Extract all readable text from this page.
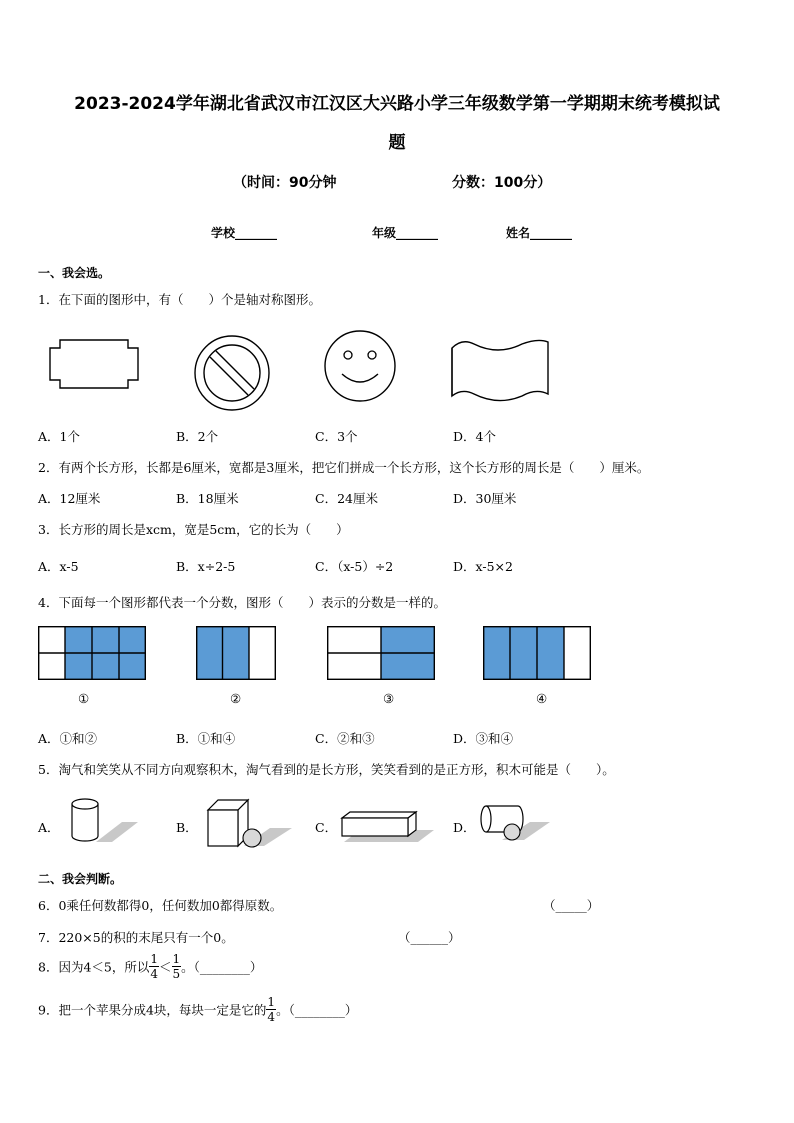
2023-2024学年湖北省武汉市江汉区大兴路小学三年级数学第一学期期末统考模拟试
题
（时间：90分钟	分数：100分）
学校_______	年级_______	姓名_______
一、我会选。
1．在下面的图形中，有（　　）个是轴对称图形。
A．1个	B．2个	C．3个	D．4个
2．有两个长方形，长都是6厘米，宽都是3厘米，把它们拼成一个长方形，这个长方形的周长是（　　）厘米。
A．12厘米	B．18厘米	C．24厘米	D．30厘米
3．长方形的周长是xcm，宽是5cm，它的长为（　　）
A．x-5	B．x÷2-5	C．（x-5）÷2	D．x-5×2
4．下面每一个图形都代表一个分数，图形（　　）表示的分数是一样的。
①	②	③	④
A．①和②	B．①和④	C．②和③	D．③和④
5．淘气和笑笑从不同方向观察积木，淘气看到的是长方形，笑笑看到的是正方形，积木可能是（　　）。
A．	B．	C．	D．
二、我会判断。
6．0乘任何数都得0，任何数加0都得原数。	（_____）
7．220×5的积的末尾只有一个0。	（______）
8．因为4＜5，所以 $\frac{1}{4} < \frac{1}{5}$ 。（________）
9．把一个苹果分成4块，每块一定是它的 $\frac{1}{4}$ 。（________）
